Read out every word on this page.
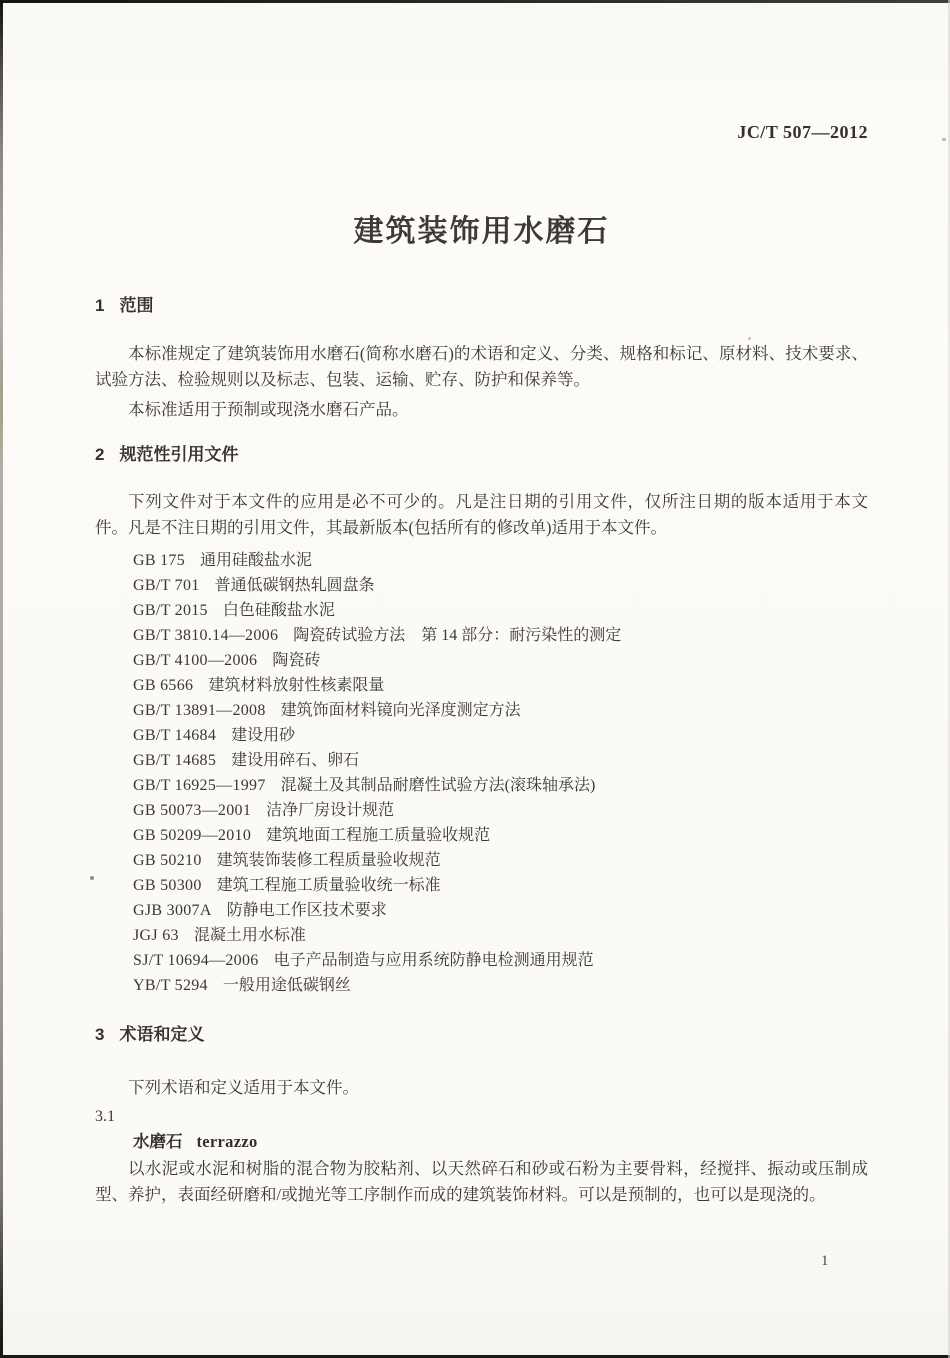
JC/T 507—2012
建筑装饰用水磨石
1 范围
本标准规定了建筑装饰用水磨石(简称水磨石)的术语和定义、分类、规格和标记、原材料、技术要求、试验方法、检验规则以及标志、包装、运输、贮存、防护和保养等。
本标准适用于预制或现浇水磨石产品。
2 规范性引用文件
下列文件对于本文件的应用是必不可少的。凡是注日期的引用文件，仅所注日期的版本适用于本文件。凡是不注日期的引用文件，其最新版本(包括所有的修改单)适用于本文件。
GB 175 通用硅酸盐水泥
GB/T 701 普通低碳钢热轧圆盘条
GB/T 2015 白色硅酸盐水泥
GB/T 3810.14—2006 陶瓷砖试验方法　第 14 部分：耐污染性的测定
GB/T 4100—2006 陶瓷砖
GB 6566 建筑材料放射性核素限量
GB/T 13891—2008 建筑饰面材料镜向光泽度测定方法
GB/T 14684 建设用砂
GB/T 14685 建设用碎石、卵石
GB/T 16925—1997 混凝土及其制品耐磨性试验方法(滚珠轴承法)
GB 50073—2001 洁净厂房设计规范
GB 50209—2010 建筑地面工程施工质量验收规范
GB 50210 建筑装饰装修工程质量验收规范
GB 50300 建筑工程施工质量验收统一标准
GJB 3007A 防静电工作区技术要求
JGJ 63 混凝土用水标准
SJ/T 10694—2006 电子产品制造与应用系统防静电检测通用规范
YB/T 5294 一般用途低碳钢丝
3 术语和定义
下列术语和定义适用于本文件。
3.1
水磨石 terrazzo
以水泥或水泥和树脂的混合物为胶粘剂、以天然碎石和砂或石粉为主要骨料，经搅拌、振动或压制成型、养护，表面经研磨和/或抛光等工序制作而成的建筑装饰材料。可以是预制的，也可以是现浇的。
1
